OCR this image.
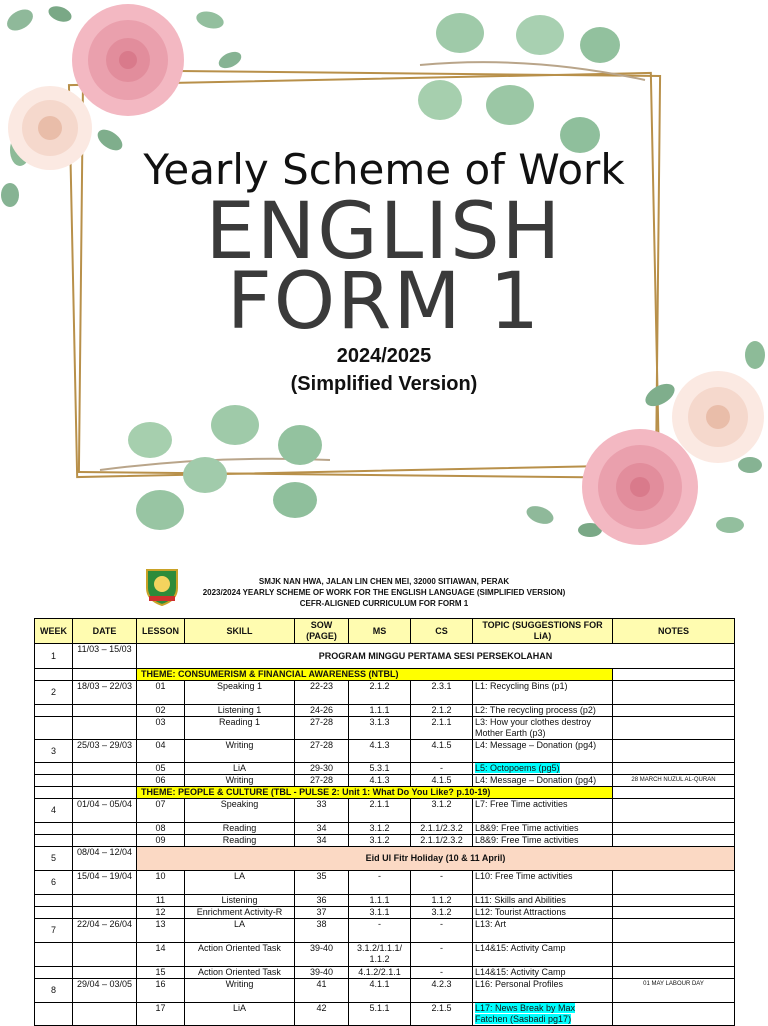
Yearly Scheme of Work
ENGLISH
FORM 1
2024/2025
(Simplified Version)
SMJK NAN HWA, JALAN LIN CHEN MEI, 32000 SITIAWAN, PERAK
2023/2024 YEARLY SCHEME OF WORK FOR THE ENGLISH LANGUAGE (SIMPLIFIED VERSION)
CEFR-ALIGNED CURRICULUM FOR FORM 1
WEEK	DATE	LESSON	SKILL	SOW (PAGE)	MS	CS	TOPIC (SUGGESTIONS FOR LiA)	NOTES
1	11/03 – 15/03	PROGRAM MINGGU PERTAMA SESI PERSEKOLAHAN						
		THEME: CONSUMERISM & FINANCIAL AWARENESS (NTBL)						
2	18/03 – 22/03	01	Speaking 1	22-23	2.1.2	2.3.1	L1: Recycling Bins (p1)	
		02	Listening 1	24-26	1.1.1	2.1.2	L2: The recycling process (p2)	
		03	Reading 1	27-28	3.1.3	2.1.1	L3: How your clothes destroy Mother Earth (p3)	
3	25/03 – 29/03	04	Writing	27-28	4.1.3	4.1.5	L4: Message – Donation (pg4)	
		05	LiA	29-30	5.3.1	-	L5: Octopoems (pg5)	
		06	Writing	27-28	4.1.3	4.1.5	L4: Message – Donation (pg4)	28 MARCH NUZUL AL-QURAN
		THEME: PEOPLE & CULTURE (TBL - PULSE 2: Unit 1: What Do You Like? p.10-19)						
4	01/04 – 05/04	07	Speaking	33	2.1.1	3.1.2	L7: Free Time activities	
		08	Reading	34	3.1.2	2.1.1/2.3.2	L8&9: Free Time activities	
		09	Reading	34	3.1.2	2.1.1/2.3.2	L8&9: Free Time activities	
5	08/04 – 12/04	Eid Ul Fitr Holiday (10 & 11 April)						
6	15/04 – 19/04	10	LA	35	-	-	L10: Free Time activities	
		11	Listening	36	1.1.1	1.1.2	L11: Skills and Abilities	
		12	Enrichment Activity-R	37	3.1.1	3.1.2	L12: Tourist Attractions	
7	22/04 – 26/04	13	LA	38	-	-	L13: Art	
		14	Action Oriented Task	39-40	3.1.2/1.1.1/ 1.1.2	-	L14&15: Activity Camp	
		15	Action Oriented Task	39-40	4.1.2/2.1.1	-	L14&15: Activity Camp	
8	29/04 – 03/05	16	Writing	41	4.1.1	4.2.3	L16: Personal Profiles	01 MAY LABOUR DAY
		17	LiA	42	5.1.1	2.1.5	L17: News Break by Max Fatchen (Sasbadi pg17)	
